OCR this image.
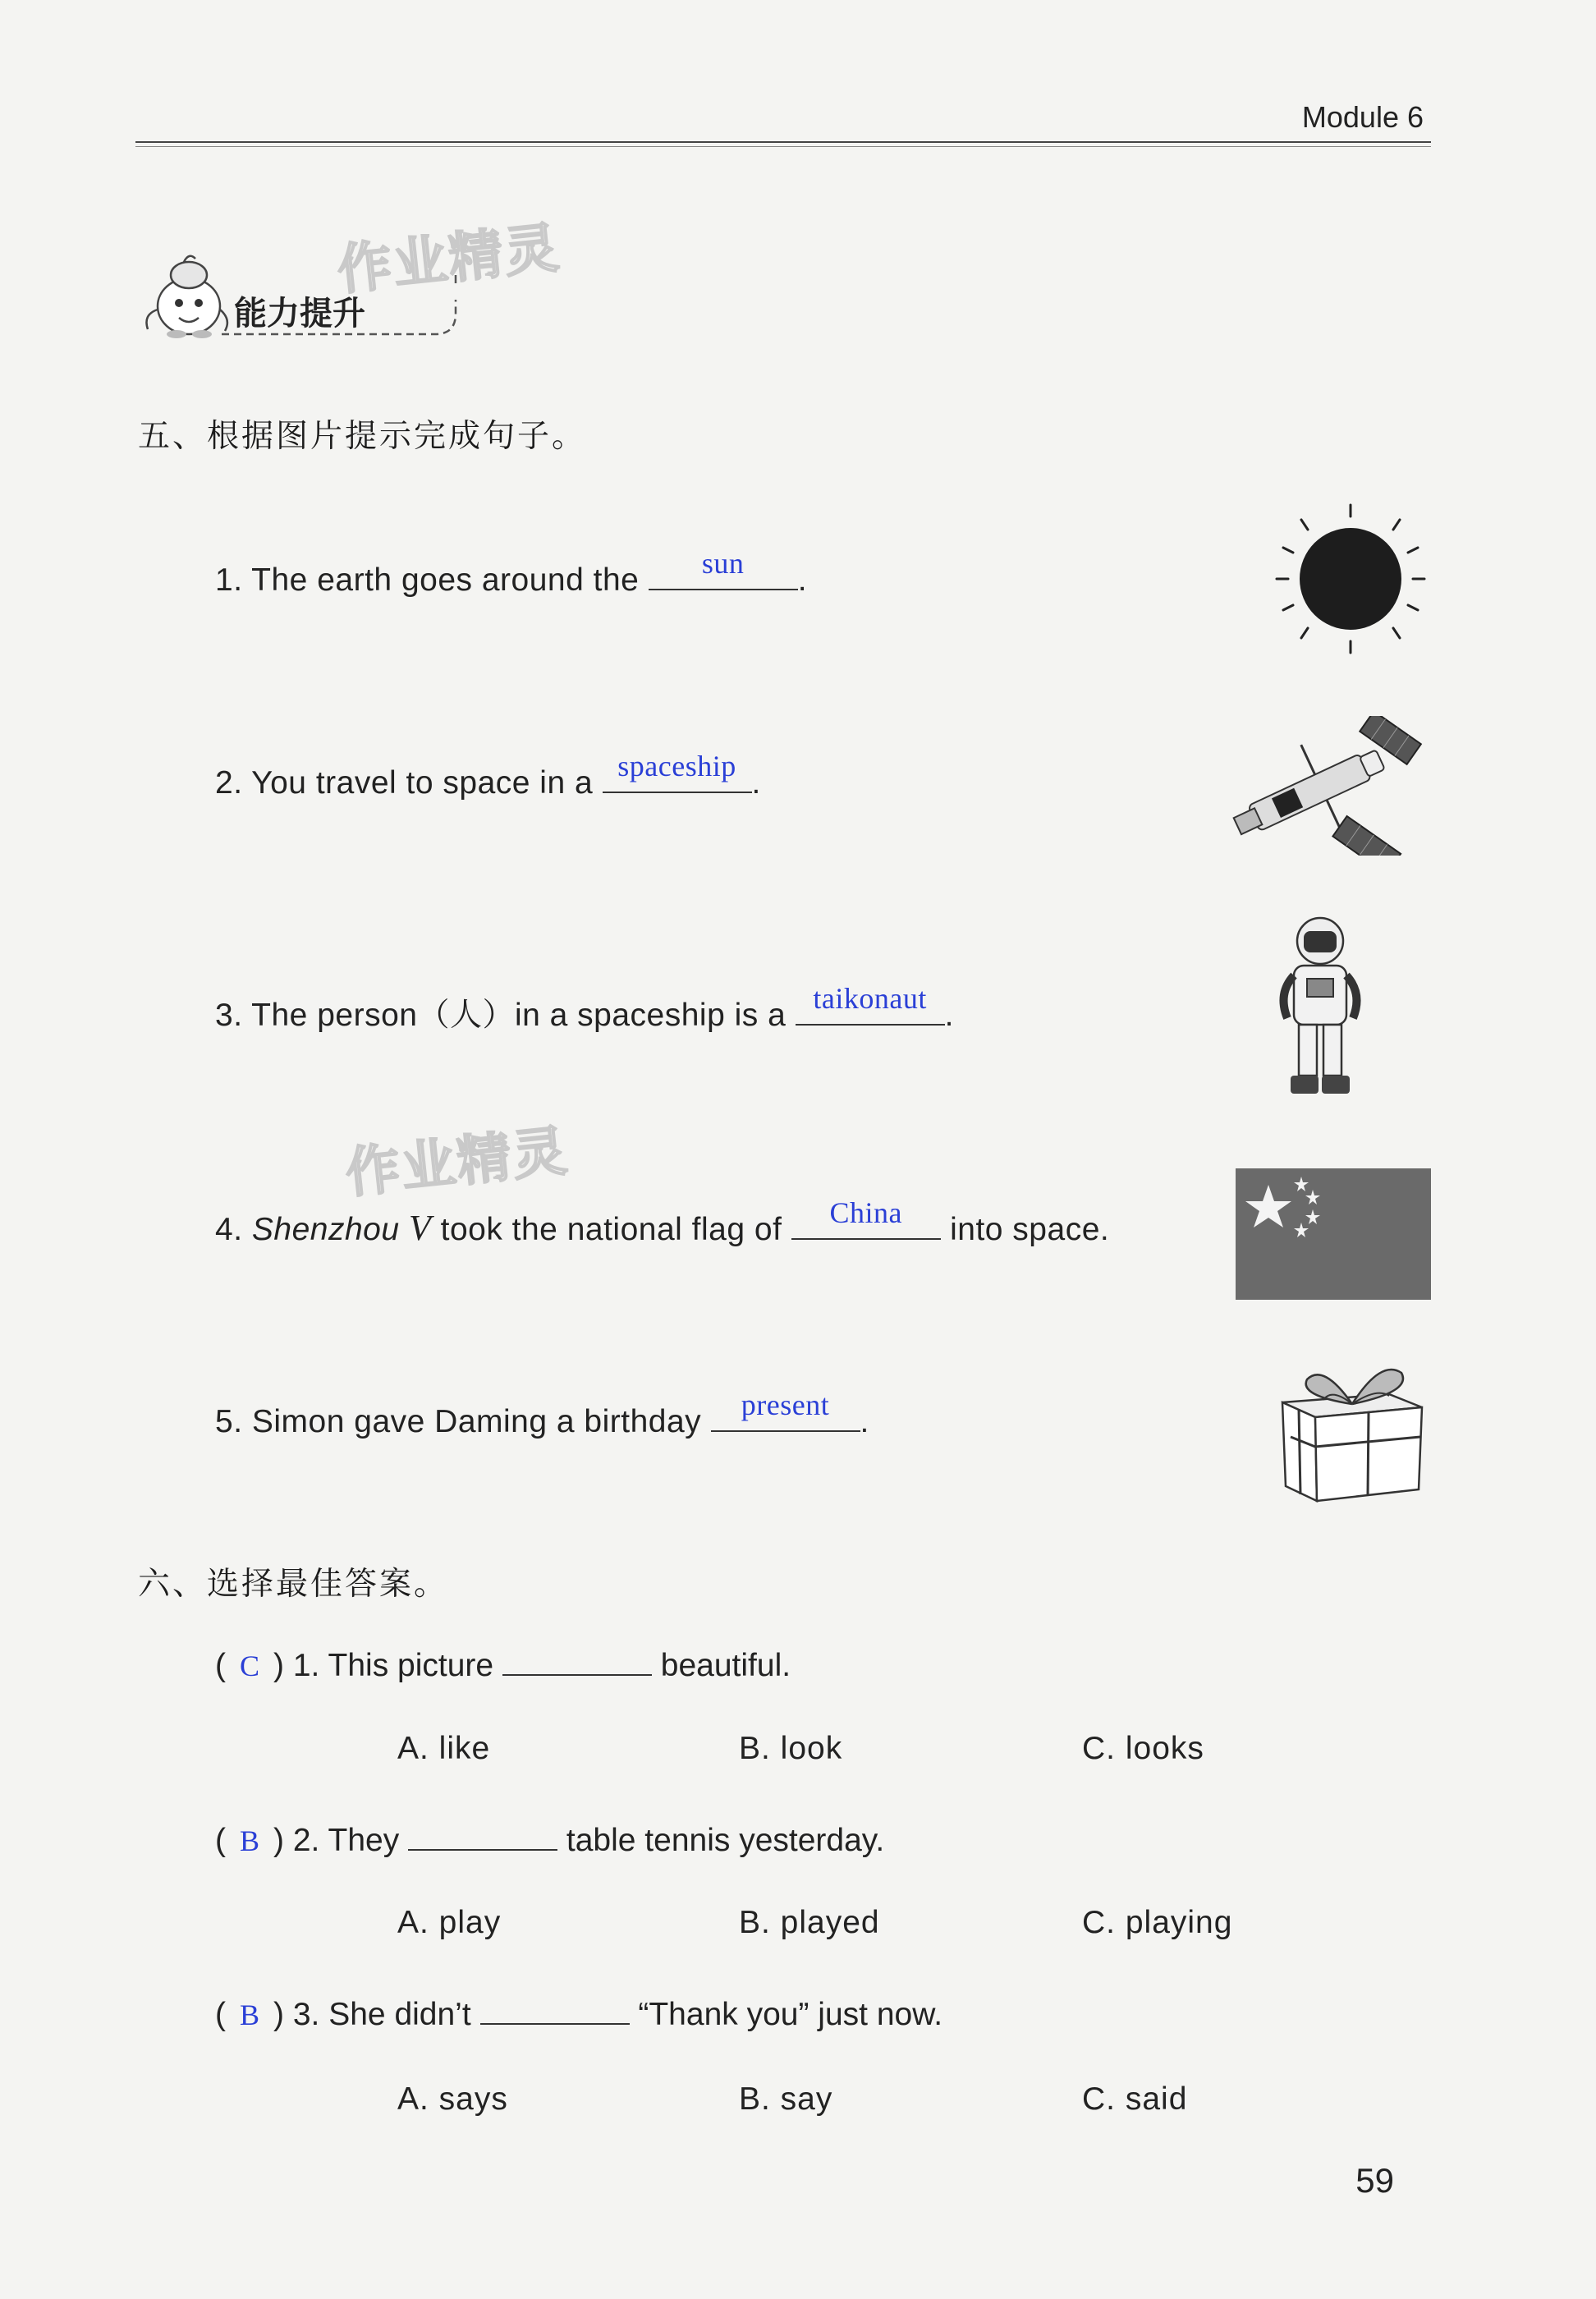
Module 6
作业精灵
作业精灵
能力提升
五、根据图片提示完成句子。
1. The earth goes around the	sun	.
2. You travel to space in a spaceship .
3. The person（人）in a spaceship is a taikonaut .
4. Shenzhou V took the national flag of	China	into space.
5. Simon gave Daming a birthday	present .
六、选择最佳答案。
( C ) 1. This picture	beautiful.
A. like	B. look	C. looks
( B ) 2. They	table tennis yesterday.
A. play	B. played	C. playing
( B ) 3. She didn’t	“Thank you” just now.
A. says	B. say	C. said
59
